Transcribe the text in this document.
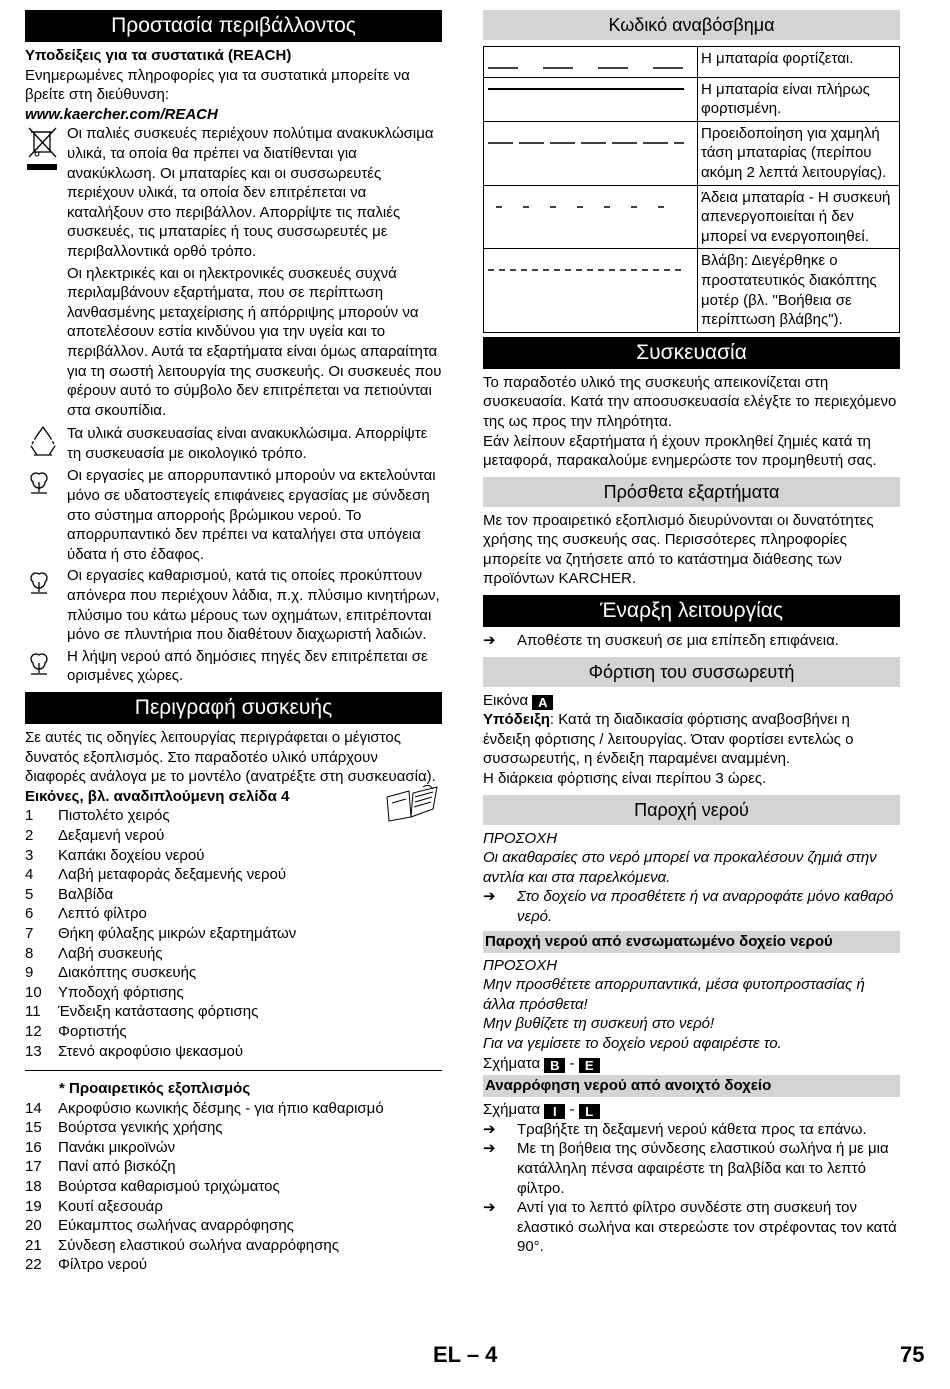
Προστασία περιβάλλοντος

Υποδείξεις για τα συστατικά (REACH)

Ενημερωμένες πληροφορίες για τα συστατικά μπορείτε να βρείτε στη διεύθυνση:

www.kaercher.com/REACH

Οι παλιές συσκευές περιέχουν πολύτιμα ανακυκλώσιμα υλικά, τα οποία θα πρέπει να διατίθενται για ανακύκλωση. Οι μπαταρίες και οι συσσωρευτές περιέχουν υλικά, τα οποία δεν επιτρέπεται να καταλήξουν στο περιβάλλον. Απορρίψτε τις παλιές συσκευές, τις μπαταρίες ή τους συσσωρευτές με περιβαλλοντικά ορθό τρόπο.

Οι ηλεκτρικές και οι ηλεκτρονικές συσκευές συχνά περιλαμβάνουν εξαρτήματα, που σε περίπτωση λανθασμένης μεταχείρισης ή απόρριψης μπορούν να αποτελέσουν εστία κινδύνου για την υγεία και το περιβάλλον. Αυτά τα εξαρτήματα είναι όμως απαραίτητα για τη σωστή λειτουργία της συσκευής. Οι συσκευές που φέρουν αυτό το σύμβολο δεν επιτρέπεται να πετιούνται στα σκουπίδια.

Τα υλικά συσκευασίας είναι ανακυκλώσιμα. Απορρίψτε τη συσκευασία με οικολογικό τρόπο.

Οι εργασίες με απορρυπαντικό μπορούν να εκτελούνται μόνο σε υδατοστεγείς επιφάνειες εργασίας με σύνδεση στο σύστημα απορροής βρώμικου νερού. Το απορρυπαντικό δεν πρέπει να καταλήγει στα υπόγεια ύδατα ή στο έδαφος.

Οι εργασίες καθαρισμού, κατά τις οποίες προκύπτουν απόνερα που περιέχουν λάδια, π.χ. πλύσιμο κινητήρων, πλύσιμο του κάτω μέρους των οχημάτων, επιτρέπονται μόνο σε πλυντήρια που διαθέτουν διαχωριστή λαδιών.

Η λήψη νερού από δημόσιες πηγές δεν επιτρέπεται σε ορισμένες χώρες.

Περιγραφή συσκευής

Σε αυτές τις οδηγίες λειτουργίας περιγράφεται ο μέγιστος δυνατός εξοπλισμός. Στο παραδοτέο υλικό υπάρχουν διαφορές ανάλογα με το μοντέλο (ανατρέξτε στη συσκευασία).

Εικόνες, βλ. αναδιπλούμενη σελίδα 4

1	Πιστολέτο χειρός
2	Δεξαμενή νερού
3	Καπάκι δοχείου νερού
4	Λαβή μεταφοράς δεξαμενής νερού
5	Βαλβίδα
6	Λεπτό φίλτρο
7	Θήκη φύλαξης μικρών εξαρτημάτων
8	Λαβή συσκευής
9	Διακόπτης συσκευής
10	Υποδοχή φόρτισης
11	Ένδειξη κατάστασης φόρτισης
12	Φορτιστής
13	Στενό ακροφύσιο ψεκασμού

* Προαιρετικός εξοπλισμός

14	Ακροφύσιο κωνικής δέσμης - για ήπιο καθαρισμό
15	Βούρτσα γενικής χρήσης
16	Πανάκι μικροϊνών
17	Πανί από βισκόζη
18	Βούρτσα καθαρισμού τριχώματος
19	Κουτί αξεσουάρ
20	Εύκαμπτος σωλήνας αναρρόφησης
21	Σύνδεση ελαστικού σωλήνα αναρρόφησης
22	Φίλτρο νερού
Κωδικό αναβόσβημα
	Η μπαταρία φορτίζεται.

	Η μπαταρία είναι πλήρως φορτισμένη.
	Προειδοποίηση για χαμηλή τάση μπαταρίας (περίπου ακόμη 2 λεπτά λειτουργίας).
	Άδεια μπαταρία - Η συσκευή απενεργοποιείται ή δεν μπορεί να ενεργοποιηθεί.
	Βλάβη: Διεγέρθηκε ο προστατευτικός διακόπτης μοτέρ (βλ. "Βοήθεια σε περίπτωση βλάβης").
Συσκευασία

Το παραδοτέο υλικό της συσκευής απεικονίζεται στη συσκευασία. Κατά την αποσυσκευασία ελέγξτε το περιεχόμενο της ως προς την πληρότητα.

Εάν λείπουν εξαρτήματα ή έχουν προκληθεί ζημιές κατά τη μεταφορά, παρακαλούμε ενημερώστε τον προμηθευτή σας.

Πρόσθετα εξαρτήματα

Με τον προαιρετικό εξοπλισμό διευρύνονται οι δυνατότητες χρήσης της συσκευής σας. Περισσότερες πληροφορίες μπορείτε να ζητήσετε από το κατάστημα διάθεσης των προϊόντων KARCHER.

Έναρξη λειτουργίας
➔	Αποθέστε τη συσκευή σε μια επίπεδη επιφάνεια.
Φόρτιση του συσσωρευτή

Εικόνα A

Υπόδειξη: Κατά τη διαδικασία φόρτισης αναβοσβήνει η ένδειξη φόρτισης / λειτουργίας. Όταν φορτίσει εντελώς ο συσσωρευτής, η ένδειξη παραμένει αναμμένη.

Η διάρκεια φόρτισης είναι περίπου 3 ώρες.

Παροχή νερού

ΠΡΟΣΟΧΗ

Οι ακαθαρσίες στο νερό μπορεί να προκαλέσουν ζημιά στην αντλία και στα παρελκόμενα.

➔	Στο δοχείο να προσθέτετε ή να αναρροφάτε μόνο καθαρό νερό.
Παροχή νερού από ενσωματωμένο δοχείο νερού

ΠΡΟΣΟΧΗ

Μην προσθέτετε απορρυπαντικά, μέσα φυτοπροστασίας ή άλλα πρόσθετα!

Μην βυθίζετε τη συσκευή στο νερό!

Για να γεμίσετε το δοχείο νερού αφαιρέστε το.

Σχήματα B - E

Αναρρόφηση νερού από ανοιχτό δοχείο

Σχήματα I - L

➔	Τραβήξτε τη δεξαμενή νερού κάθετα προς τα επάνω.
➔	Με τη βοήθεια της σύνδεσης ελαστικού σωλήνα ή με μια κατάλληλη πένσα αφαιρέστε τη βαλβίδα και το λεπτό φίλτρο.
➔	Αντί για το λεπτό φίλτρο συνδέστε στη συσκευή τον ελαστικό σωλήνα και στερεώστε τον στρέφοντας τον κατά 90°.
EL – 4	75
